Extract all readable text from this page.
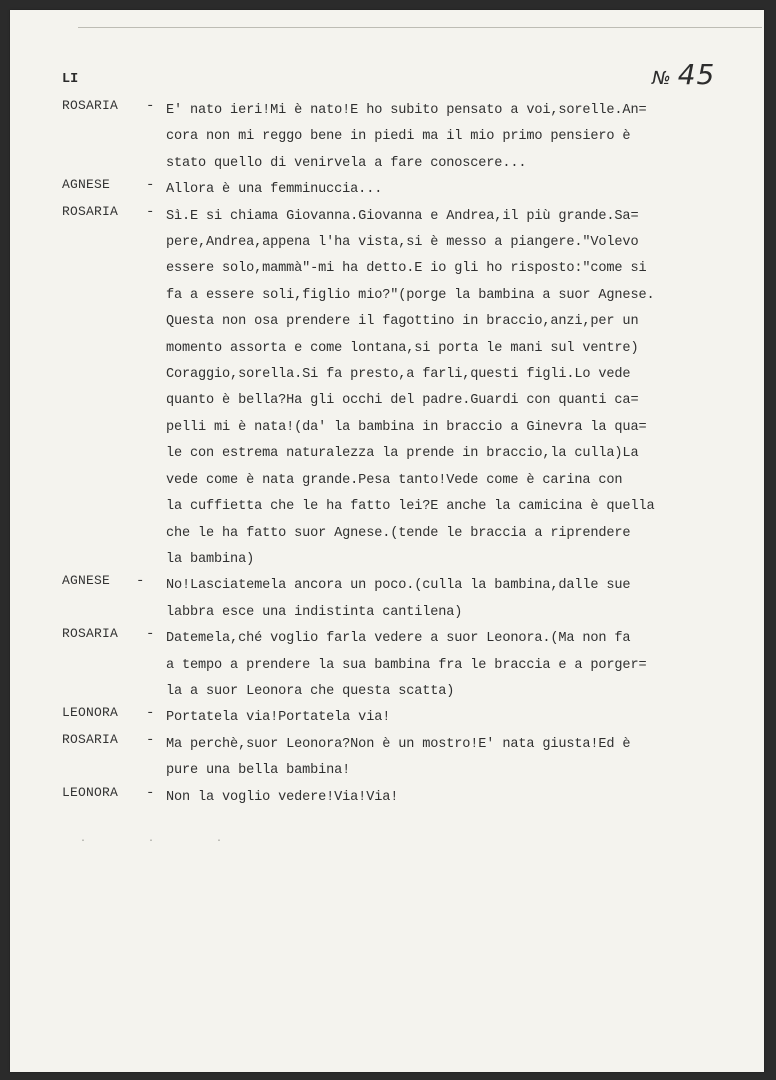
№ 45
LI
ROSARIA - E' nato ieri!Mi è nato!E ho subito pensato a voi,sorelle.An=
cora non mi reggo bene in piedi ma il mio primo pensiero è
stato quello di venirvela a fare conoscere...
AGNESE	- Allora è una femminuccia...
ROSARIA - Sì.E si chiama Giovanna.Giovanna e Andrea,il più grande.Sa=
pere,Andrea,appena l'ha vista,si è messo a piangere."Volevo
essere solo,mammà"-mi ha detto.E io gli ho risposto:"come si
fa a essere soli,figlio mio?"(porge la bambina a suor Agnese.
Questa non osa prendere il fagottino in braccio,anzi,per un
momento assorta e come lontana,si porta le mani sul ventre)
Coraggio,sorella.Si fa presto,a farli,questi figli.Lo vede
quanto è bella?Ha gli occhi del padre.Guardi con quanti ca=
pelli mi è nata!(da' la bambina in braccio a Ginevra la qua=
le con estrema naturalezza la prende in braccio,la culla)La
vede come è nata grande.Pesa tanto!Vede come è carina con
la cuffietta che le ha fatto lei?E anche la camicina è quella
che le ha fatto suor Agnese.(tende le braccia a riprendere
la bambina)
AGNESE - No!Lasciatemela ancora un poco.(culla la bambina,dalle sue
labbra esce una indistinta cantilena)
ROSARIA - Datemela,ché voglio farla vedere a suor Leonora.(Ma non fa
a tempo a prendere la sua bambina fra le braccia e a porger=
la a suor Leonora che questa scatta)
LEONORA - Portatela via!Portatela via!
ROSARIA - Ma perchè,suor Leonora?Non è un mostro!E' nata giusta!Ed è
pure una bella bambina!
LEONORA - Non la voglio vedere!Via!Via!
· · ·
